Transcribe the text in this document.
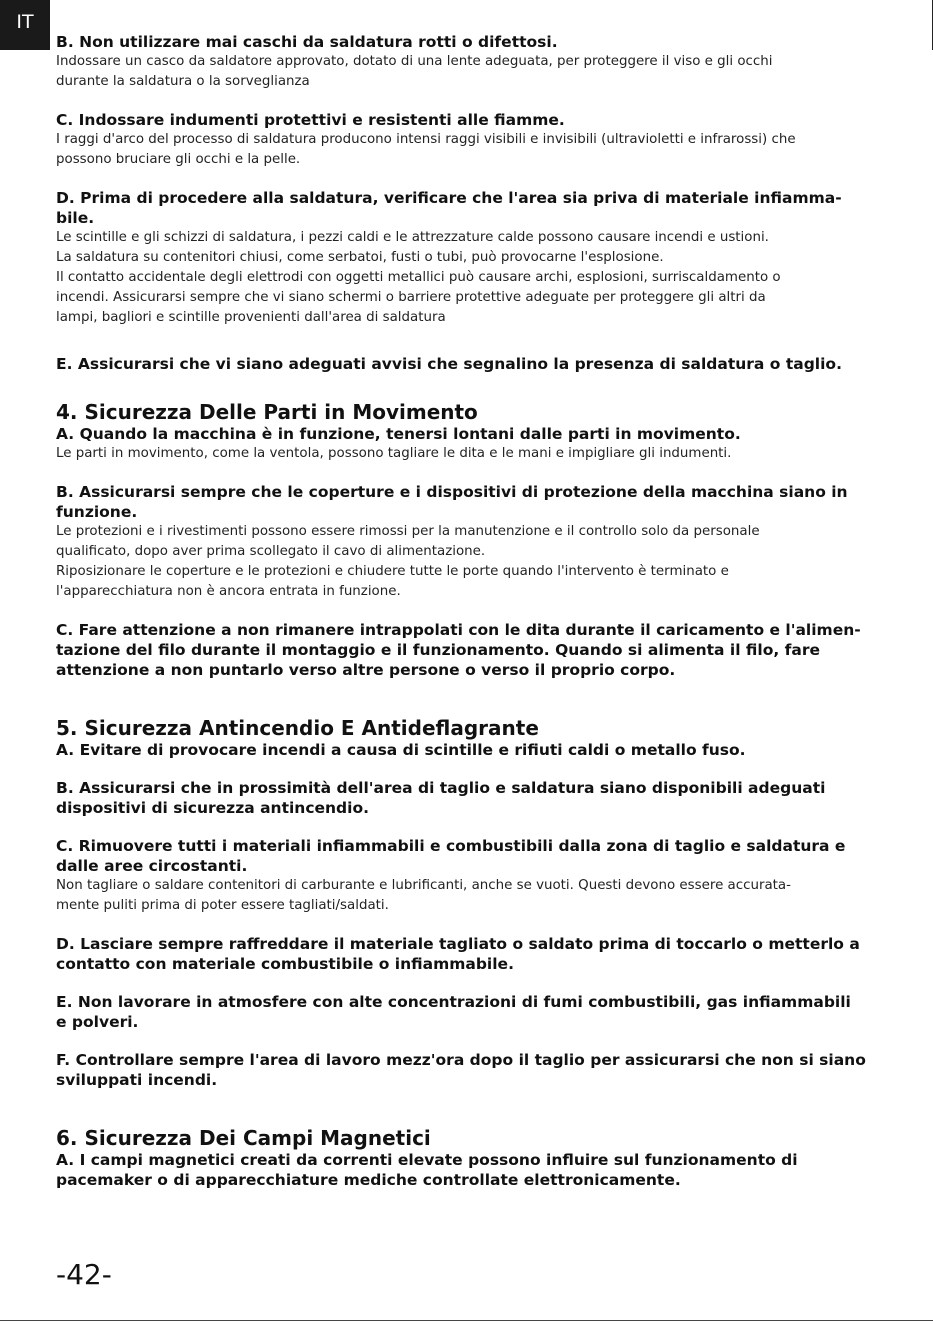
IT

B. Non utilizzare mai caschi da saldatura rotti o difettosi.

Indossare un casco da saldatore approvato, dotato di una lente adeguata, per proteggere il viso e gli occhi

durante la saldatura o la sorveglianza

C. Indossare indumenti protettivi e resistenti alle fiamme.

I raggi d'arco del processo di saldatura producono intensi raggi visibili e invisibili (ultravioletti e infrarossi) che

possono bruciare gli occhi e la pelle.

D. Prima di procedere alla saldatura, verificare che l'area sia priva di materiale infiamma-

bile.

Le scintille e gli schizzi di saldatura, i pezzi caldi e le attrezzature calde possono causare incendi e ustioni.

La saldatura su contenitori chiusi, come serbatoi, fusti o tubi, può provocarne l'esplosione.

Il contatto accidentale degli elettrodi con oggetti metallici può causare archi, esplosioni, surriscaldamento o

incendi. Assicurarsi sempre che vi siano schermi o barriere protettive adeguate per proteggere gli altri da

lampi, bagliori e scintille provenienti dall'area di saldatura

E. Assicurarsi che vi siano adeguati avvisi che segnalino la presenza di saldatura o taglio.

4. Sicurezza Delle Parti in Movimento

A. Quando la macchina è in funzione, tenersi lontani dalle parti in movimento.

Le parti in movimento, come la ventola, possono tagliare le dita e le mani e impigliare gli indumenti.

B. Assicurarsi sempre che le coperture e i dispositivi di protezione della macchina siano in

funzione.

Le protezioni e i rivestimenti possono essere rimossi per la manutenzione e il controllo solo da personale

qualificato, dopo aver prima scollegato il cavo di alimentazione.

Riposizionare le coperture e le protezioni e chiudere tutte le porte quando l'intervento è terminato e

l'apparecchiatura non è ancora entrata in funzione.

C. Fare attenzione a non rimanere intrappolati con le dita durante il caricamento e l'alimen-

tazione del filo durante il montaggio e il funzionamento. Quando si alimenta il filo, fare

attenzione a non puntarlo verso altre persone o verso il proprio corpo.

5. Sicurezza Antincendio E Antideflagrante

A. Evitare di provocare incendi a causa di scintille e rifiuti caldi o metallo fuso.

B. Assicurarsi che in prossimità dell'area di taglio e saldatura siano disponibili adeguati

dispositivi di sicurezza antincendio.

C. Rimuovere tutti i materiali infiammabili e combustibili dalla zona di taglio e saldatura e

dalle aree circostanti.

Non tagliare o saldare contenitori di carburante e lubrificanti, anche se vuoti. Questi devono essere accurata-

mente puliti prima di poter essere tagliati/saldati.

D. Lasciare sempre raffreddare il materiale tagliato o saldato prima di toccarlo o metterlo a

contatto con materiale combustibile o infiammabile.

E. Non lavorare in atmosfere con alte concentrazioni di fumi combustibili, gas infiammabili

e polveri.

F. Controllare sempre l'area di lavoro mezz'ora dopo il taglio per assicurarsi che non si siano

sviluppati incendi.

6. Sicurezza Dei Campi Magnetici

A. I campi magnetici creati da correnti elevate possono influire sul funzionamento di

pacemaker o di apparecchiature mediche controllate elettronicamente.

-42-
